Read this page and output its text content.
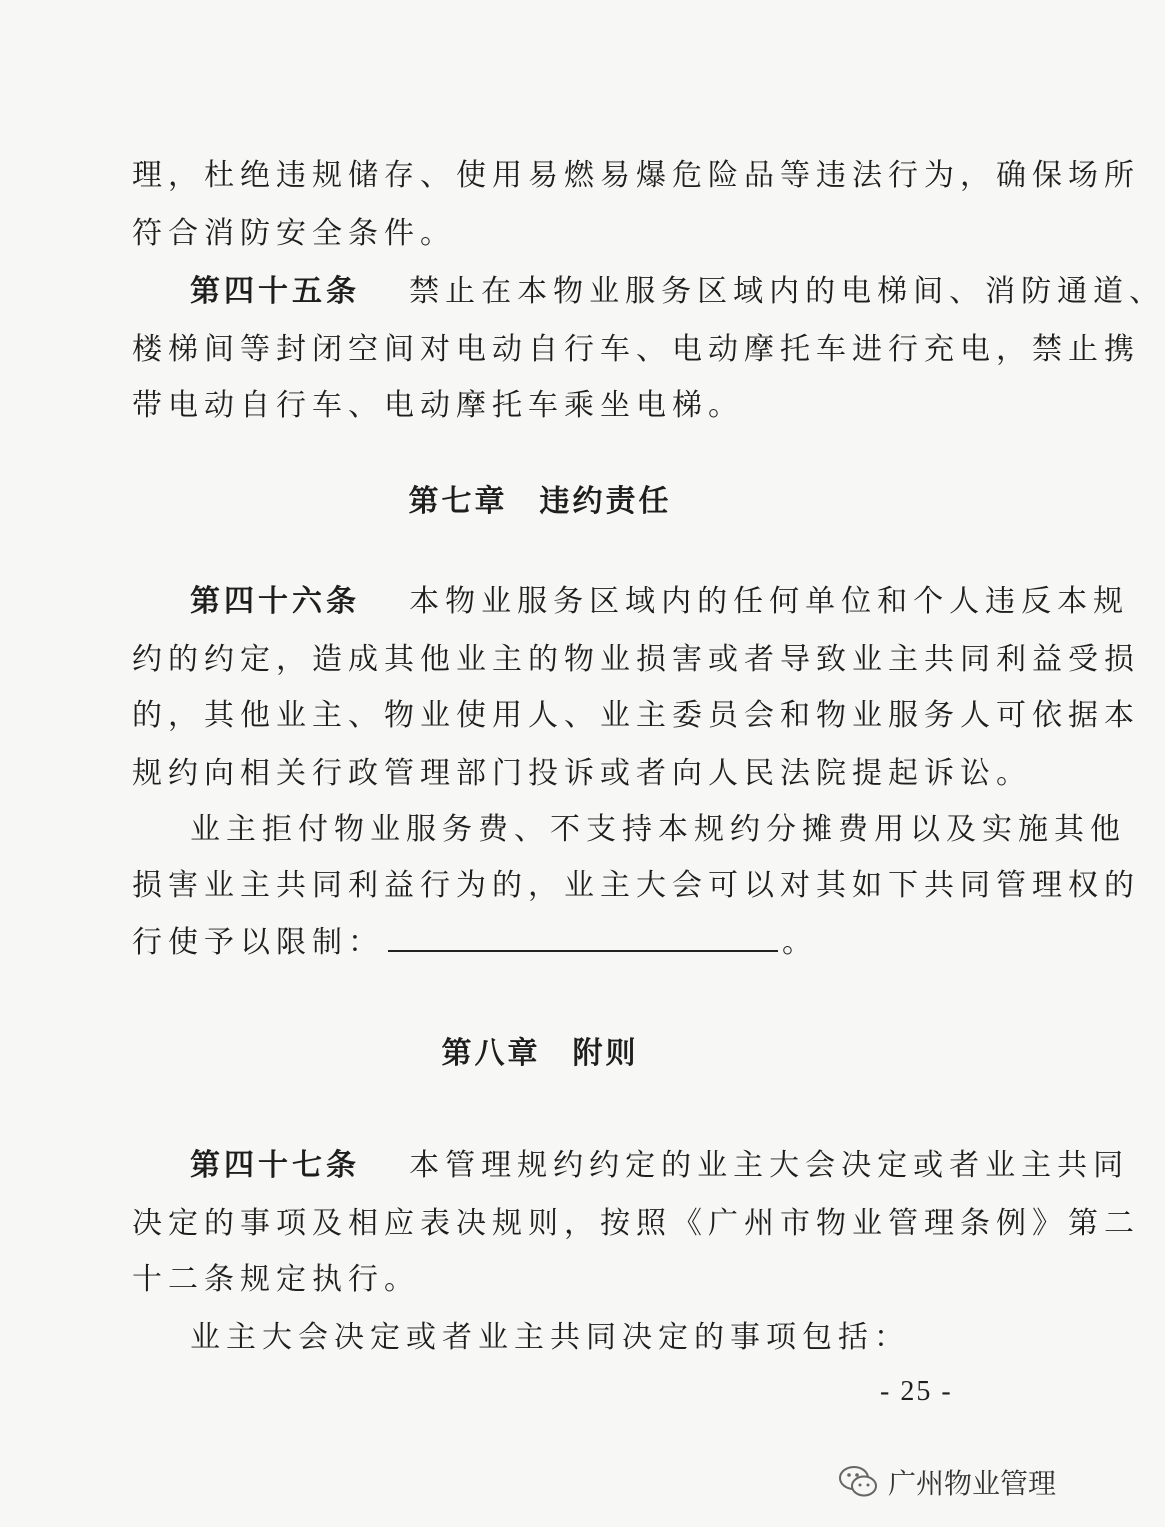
理，杜绝违规储存、使用易燃易爆危险品等违法行为，确保场所
符合消防安全条件。
第四十五条 禁止在本物业服务区域内的电梯间、消防通道、
楼梯间等封闭空间对电动自行车、电动摩托车进行充电，禁止携
带电动自行车、电动摩托车乘坐电梯。
第七章 违约责任
第四十六条 本物业服务区域内的任何单位和个人违反本规
约的约定，造成其他业主的物业损害或者导致业主共同利益受损
的，其他业主、物业使用人、业主委员会和物业服务人可依据本
规约向相关行政管理部门投诉或者向人民法院提起诉讼。
业主拒付物业服务费、不支持本规约分摊费用以及实施其他
损害业主共同利益行为的，业主大会可以对其如下共同管理权的
行使予以限制：	。
第八章 附则
第四十七条 本管理规约约定的业主大会决定或者业主共同
决定的事项及相应表决规则，按照《广州市物业管理条例》第二
十二条规定执行。
业主大会决定或者业主共同决定的事项包括：
- 25 -
广州物业管理
